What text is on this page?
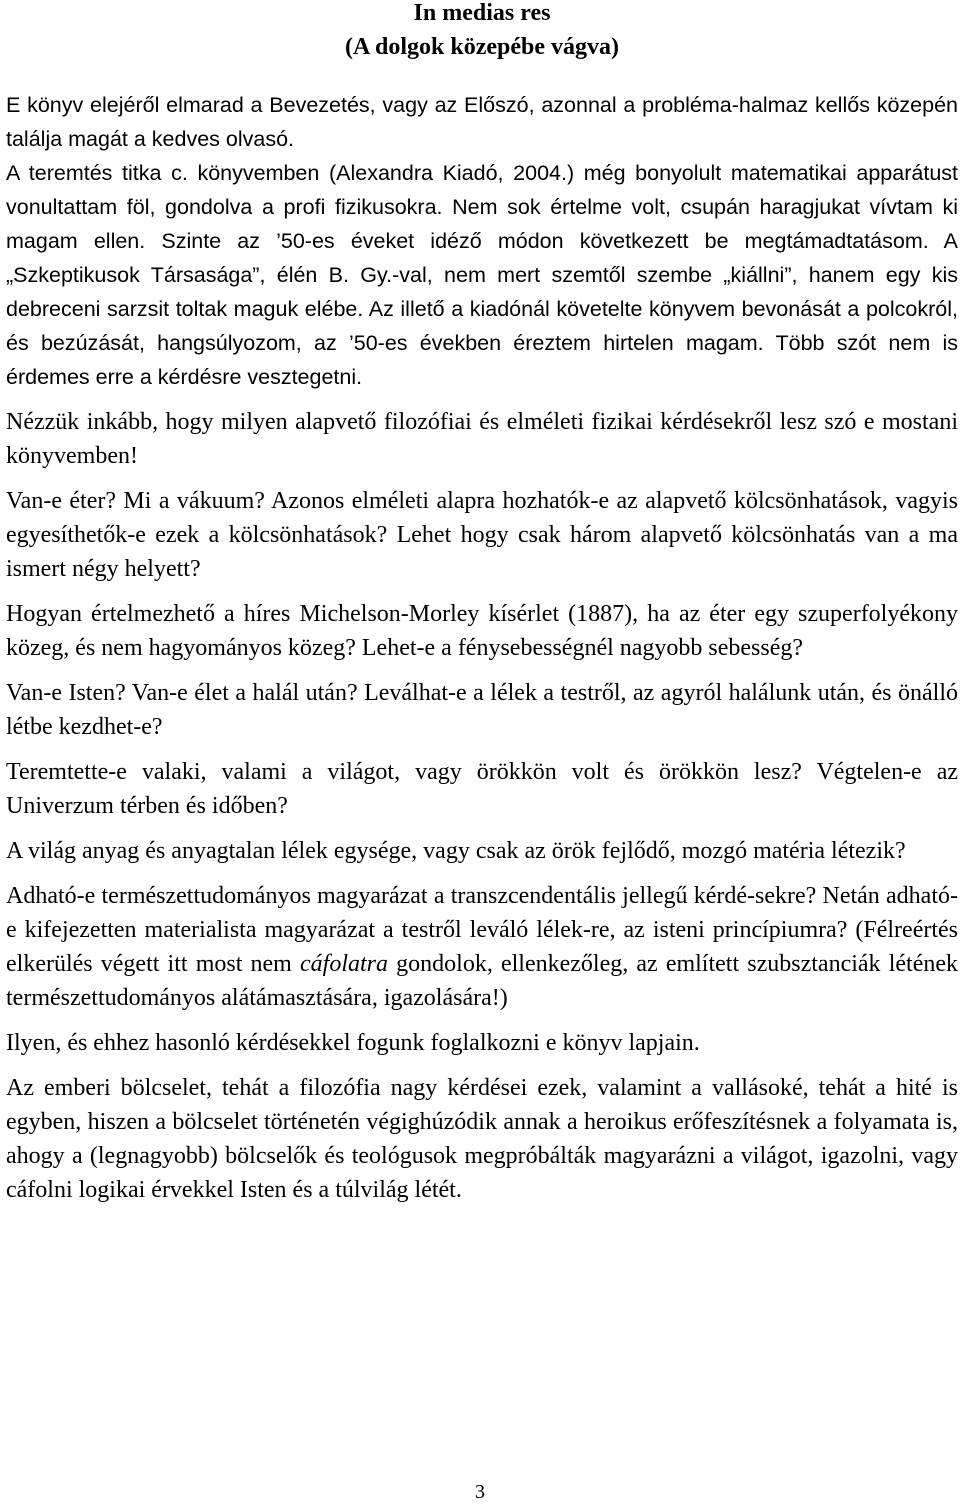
In medias res
(A dolgok közepébe vágva)

E könyv elejéről elmarad a Bevezetés, vagy az Előszó, azonnal a probléma-halmaz kellős közepén találja magát a kedves olvasó.

A teremtés titka c. könyvemben (Alexandra Kiadó, 2004.) még bonyolult matematikai apparátust vonultattam föl, gondolva a profi fizikusokra. Nem sok értelme volt, csupán haragjukat vívtam ki magam ellen. Szinte az ’50-es éveket idéző módon következett be megtámadtatásom. A „Szkeptikusok Társasága”, élén B. Gy.-val, nem mert szemtől szembe „kiállni”, hanem egy kis debreceni sarzsit toltak maguk elébe. Az illető a kiadónál követelte könyvem bevonását a polcokról, és bezúzását, hangsúlyozom, az ’50-es években éreztem hirtelen magam. Több szót nem is érdemes erre a kérdésre vesztegetni.

Nézzük inkább, hogy milyen alapvető filozófiai és elméleti fizikai kérdésekről lesz szó e mostani könyvemben!

Van-e éter? Mi a vákuum? Azonos elméleti alapra hozhatók-e az alapvető kölcsönhatások, vagyis egyesíthetők-e ezek a kölcsönhatások? Lehet hogy csak három alapvető kölcsönhatás van a ma ismert négy helyett?

Hogyan értelmezhető a híres Michelson-Morley kísérlet (1887), ha az éter egy szuperfolyékony közeg, és nem hagyományos közeg? Lehet-e a fénysebességnél nagyobb sebesség?

Van-e Isten? Van-e élet a halál után? Leválhat-e a lélek a testről, az agyról halálunk után, és önálló létbe kezdhet-e?

Teremtette-e valaki, valami a világot, vagy örökkön volt és örökkön lesz? Végtelen-e az Univerzum térben és időben?

A világ anyag és anyagtalan lélek egysége, vagy csak az örök fejlődő, mozgó matéria létezik?

Adható-e természettudományos magyarázat a transzcendentális jellegű kérdé-sekre? Netán adható-e kifejezetten materialista magyarázat a testről leváló lélek-re, az isteni princípiumra? (Félreértés elkerülés végett itt most nem cáfolatra gondolok, ellenkezőleg, az említett szubsztanciák létének természettudományos alátámasztására, igazolására!)

Ilyen, és ehhez hasonló kérdésekkel fogunk foglalkozni e könyv lapjain.

Az emberi bölcselet, tehát a filozófia nagy kérdései ezek, valamint a vallásoké, tehát a hité is egyben, hiszen a bölcselet történetén végighúzódik annak a heroikus erőfeszítésnek a folyamata is, ahogy a (legnagyobb) bölcselők és teológusok megpróbálták magyarázni a világot, igazolni, vagy cáfolni logikai érvekkel Isten és a túlvilág létét.

3
